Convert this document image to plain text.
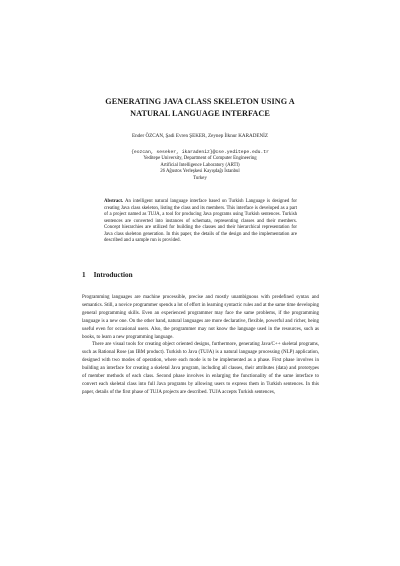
GENERATING JAVA CLASS SKELETON USING A
NATURAL LANGUAGE INTERFACE
Ender ÖZCAN, Şadi Evren ŞEKER, Zeynep İlknur KARADENİZ
{eozcan, seseker, ikaradeniz}@cse.yeditepe.edu.tr
Yeditepe University, Department of Computer Engineering
Artificial Intelligence Laboratory (ARTI)
26 Ağustos Yerleşkesi Kayışdağı İstanbul
Turkey

Abstract. An intelligent natural language interface based on Turkish Language is designed for creating Java class skeleton, listing the class and its members. This interface is developed as a part of a project named as TUJA, a tool for producing Java programs using Turkish sentences. Turkish sentences are converted into instances of schemata, representing classes and their members. Concept hierarchies are utilized for building the classes and their hierarchical representation for Java class skeleton generation. In this paper, the details of the design and the implementation are described and a sample run is provided.

1 Introduction

Programming languages are machine processible, precise and mostly unambiguous with predefined syntax and semantics. Still, a novice programmer spends a lot of effort in learning syntactic rules and at the same time developing general programming skills. Even an experienced programmer may face the same problems, if the programming language is a new one. On the other hand, natural languages are more declarative, flexible, powerful and richer, being useful even for occasional users. Also, the programmer may not know the language used in the resources, such as books, to learn a new programming language.

There are visual tools for creating object oriented designs, furthermore, generating Java/C++ skeletal programs, such as Rational Rose (an IBM product). Turkish to Java (TUJA) is a natural language processing (NLP) application, designed with two modes of operation, where each mode is to be implemented as a phase. First phase involves in building an interface for creating a skeletal Java program, including all classes, their attributes (data) and prototypes of member methods of each class. Second phase involves in enlarging the functionality of the same interface to convert each skeletal class into full Java programs by allowing users to express them in Turkish sentences. In this paper, details of the first phase of TUJA projects are described. TUJA accepts Turkish sentences,
